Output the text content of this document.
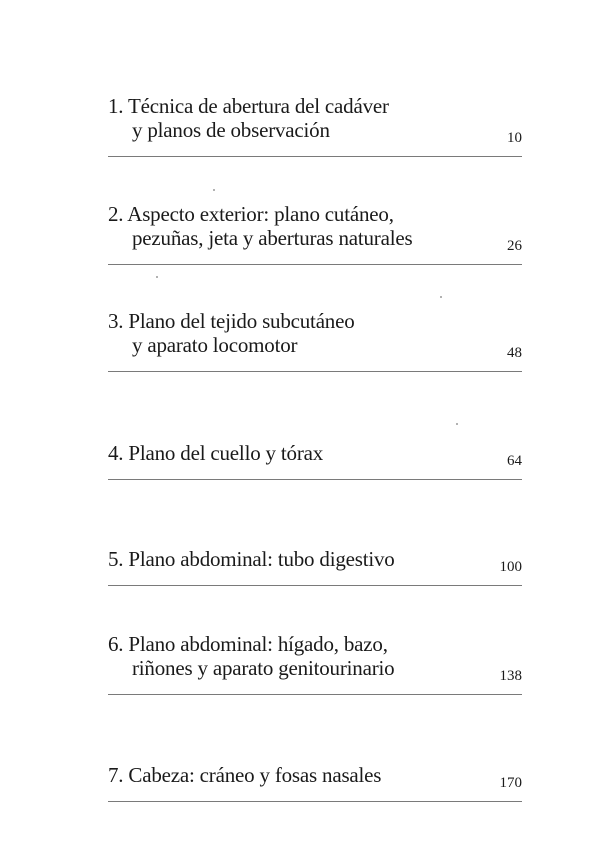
1. Técnica de abertura del cadáver
y planos de observación	10
2. Aspecto exterior: plano cutáneo,
pezuñas, jeta y aberturas naturales	26
3. Plano del tejido subcutáneo
y aparato locomotor	48
4. Plano del cuello y tórax	64
5. Plano abdominal: tubo digestivo	100
6. Plano abdominal: hígado, bazo,
riñones y aparato genitourinario	138
7. Cabeza: cráneo y fosas nasales	170
